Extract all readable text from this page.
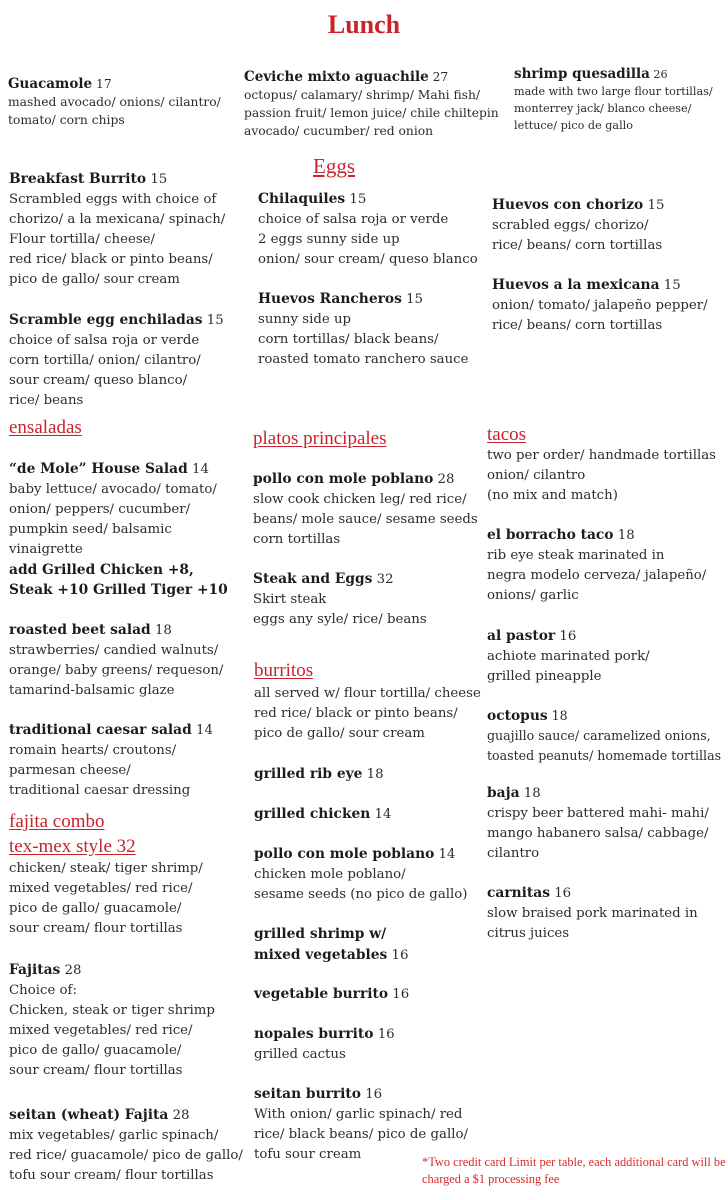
Lunch
Guacamole 17
mashed avocado/ onions/ cilantro/
tomato/ corn chips
Ceviche mixto aguachile 27
octopus/ calamary/ shrimp/ Mahi fish/
passion fruit/ lemon juice/ chile chiltepin
avocado/ cucumber/ red onion
shrimp quesadilla 26
made with two large flour tortillas/
monterrey jack/ blanco cheese/
lettuce/ pico de gallo
Eggs
Breakfast Burrito 15
Scrambled eggs with choice of
chorizo/ a la mexicana/ spinach/
Flour tortilla/ cheese/
red rice/ black or pinto beans/
pico de gallo/ sour cream
Scramble egg enchiladas 15
choice of salsa roja or verde
corn tortilla/ onion/ cilantro/
sour cream/ queso blanco/
rice/ beans
Chilaquiles 15
choice of salsa roja or verde
2 eggs sunny side up
onion/ sour cream/ queso blanco
Huevos Rancheros 15
sunny side up
corn tortillas/ black beans/
roasted tomato ranchero sauce
Huevos con chorizo 15
scrabled eggs/ chorizo/
rice/ beans/ corn tortillas
Huevos a la mexicana 15
onion/ tomato/ jalapeño pepper/
rice/ beans/ corn tortillas
ensaladas
“de Mole” House Salad 14
baby lettuce/ avocado/ tomato/
onion/ peppers/ cucumber/
pumpkin seed/ balsamic
vinaigrette
add Grilled Chicken +8,
Steak +10 Grilled Tiger +10
roasted beet salad 18
strawberries/ candied walnuts/
orange/ baby greens/ requeson/
tamarind-balsamic glaze
traditional caesar salad 14
romain hearts/ croutons/
parmesan cheese/
traditional caesar dressing
fajita combo
tex-mex style 32
chicken/ steak/ tiger shrimp/
mixed vegetables/ red rice/
pico de gallo/ guacamole/
sour cream/ flour tortillas
Fajitas 28
Choice of:
Chicken, steak or tiger shrimp
mixed vegetables/ red rice/
pico de gallo/ guacamole/
sour cream/ flour tortillas
seitan (wheat) Fajita 28
mix vegetables/ garlic spinach/
red rice/ guacamole/ pico de gallo/
tofu sour cream/ flour tortillas
platos principales
pollo con mole poblano 28
slow cook chicken leg/ red rice/
beans/ mole sauce/ sesame seeds
corn tortillas
Steak and Eggs 32
Skirt steak
eggs any syle/ rice/ beans
burritos
all served w/ flour tortilla/ cheese
red rice/ black or pinto beans/
pico de gallo/ sour cream
grilled rib eye 18
grilled chicken 14
pollo con mole poblano 14
chicken mole poblano/
sesame seeds (no pico de gallo)
grilled shrimp w/
mixed vegetables 16
vegetable burrito 16
nopales burrito 16
grilled cactus
seitan burrito 16
With onion/ garlic spinach/ red
rice/ black beans/ pico de gallo/
tofu sour cream
tacos
two per order/ handmade tortillas
onion/ cilantro
(no mix and match)
el borracho taco 18
rib eye steak marinated in
negra modelo cerveza/ jalapeño/
onions/ garlic
al pastor 16
achiote marinated pork/
grilled pineapple
octopus 18
guajillo sauce/ caramelized onions,
toasted peanuts/ homemade tortillas
baja 18
crispy beer battered mahi- mahi/
mango habanero salsa/ cabbage/
cilantro
carnitas 16
slow braised pork marinated in
citrus juices
*Two credit card Limit per table, each additional card will be charged a $1 processing fee
